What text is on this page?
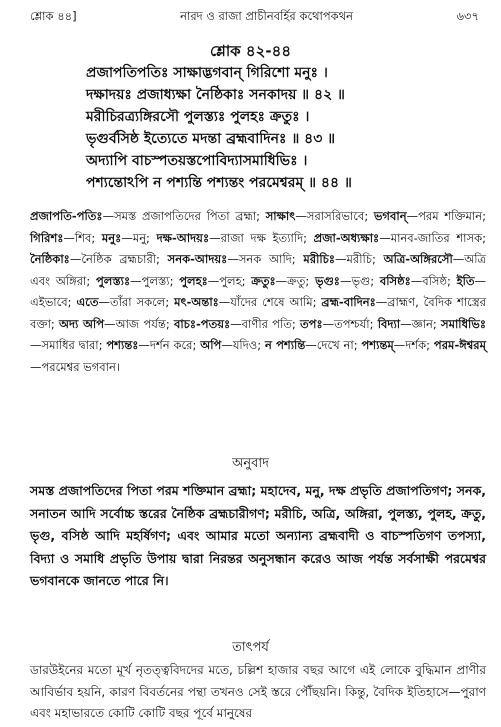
শ্লোক ৪৪]	নারদ ও রাজা প্রাচীনবর্হির কথোপকথন	৬৩৭
শ্লোক ৪২-৪৪
প্রজাপতিপতিঃ সাক্ষাদ্ভগবান্ গিরিশো মনুঃ ।
দক্ষাদয়ঃ প্রজাধ্যক্ষা নৈষ্ঠিকাঃ সনকাদয় ॥ ৪২ ॥
মরীচিরত্র্যঙ্গিরসৌ পুলস্ত্যঃ পুলহঃ ক্রতুঃ ।
ভৃগুর্বসিষ্ঠ ইত্যেতে মদন্তা ব্রহ্মবাদিনঃ ॥ ৪৩ ॥
অদ্যাপি বাচস্পতয়স্তপোবিদ্যাসমাধিভিঃ ।
পশ্যন্তোঽপি ন পশ্যন্তি পশ্যন্তং পরমেশ্বরম্ ॥ ৪৪ ॥

প্রজাপতি-পতিঃ—সমস্ত প্রজাপতিদের পিতা ব্রহ্মা; সাক্ষাৎ—সরাসরিভাবে; ভগবান্—পরম শক্তিমান; গিরিশঃ—শিব; মনুঃ—মনু; দক্ষ-আদয়ঃ—রাজা দক্ষ ইত্যাদি; প্রজা-অধ্যক্ষাঃ—মানব-জাতির শাসক; নৈষ্ঠিকাঃ—নৈষ্ঠিক ব্রহ্মচারী; সনক-আদয়ঃ—সনক আদি; মরীচিঃ—মরীচি; অত্রি-অঙ্গিরসৌ—অত্রি এবং অঙ্গিরা; পুলস্ত্যঃ—পুলস্ত্য; পুলহঃ—পুলহ; ক্রতুঃ—ক্রতু; ভৃগুঃ—ভৃগু; বসিষ্ঠঃ—বসিষ্ঠ; ইতি—এইভাবে; এতে—তাঁরা সকলে; মৎ-অন্তাঃ—যাঁদের শেষে আমি; ব্রহ্ম-বাদিনঃ—ব্রাহ্মণ, বৈদিক শাস্ত্রের বক্তা; অদ্য অপি—আজ পর্যন্ত; বাচঃ-পতয়ঃ—বাণীর পতি; তপঃ—তপশ্চর্যা; বিদ্যা—জ্ঞান; সমাধিভিঃ—সমাধির দ্বারা; পশ্যন্তঃ—দর্শন করে; অপি—যদিও; ন পশ্যন্তি—দেখে না; পশ্যন্তম্—দর্শক; পরম-ঈশ্বরম্—পরমেশ্বর ভগবান।

অনুবাদ

সমস্ত প্রজাপতিদের পিতা পরম শক্তিমান ব্রহ্মা; মহাদেব, মনু, দক্ষ প্রভৃতি প্রজাপতিগণ; সনক, সনাতন আদি সর্বোচ্চ স্তরের নৈষ্ঠিক ব্রহ্মচারীগণ; মরীচি, অত্রি, অঙ্গিরা, পুলস্ত্য, পুলহ, ক্রতু, ভৃগু, বসিষ্ঠ আদি মহর্ষিগণ; এবং আমার মতো অন্যান্য ব্রহ্মবাদী ও বাচস্পতিগণ তপস্যা, বিদ্যা ও সমাধি প্রভৃতি উপায় দ্বারা নিরন্তর অনুসন্ধান করেও আজ পর্যন্ত সর্বসাক্ষী পরমেশ্বর ভগবানকে জানতে পারে নি।

তাৎপর্য

ডারউইনের মতো মূর্খ নৃতত্ত্ববিদদের মতে, চল্লিশ হাজার বছর আগে এই লোকে বুদ্ধিমান প্রাণীর আবির্ভাব হয়নি, কারণ বিবর্তনের পন্থা তখনও সেই স্তরে পৌঁছয়নি। কিন্তু, বৈদিক ইতিহাসে—পুরাণ এবং মহাভারতে কোটি কোটি বছর পূর্বে মানুষের
